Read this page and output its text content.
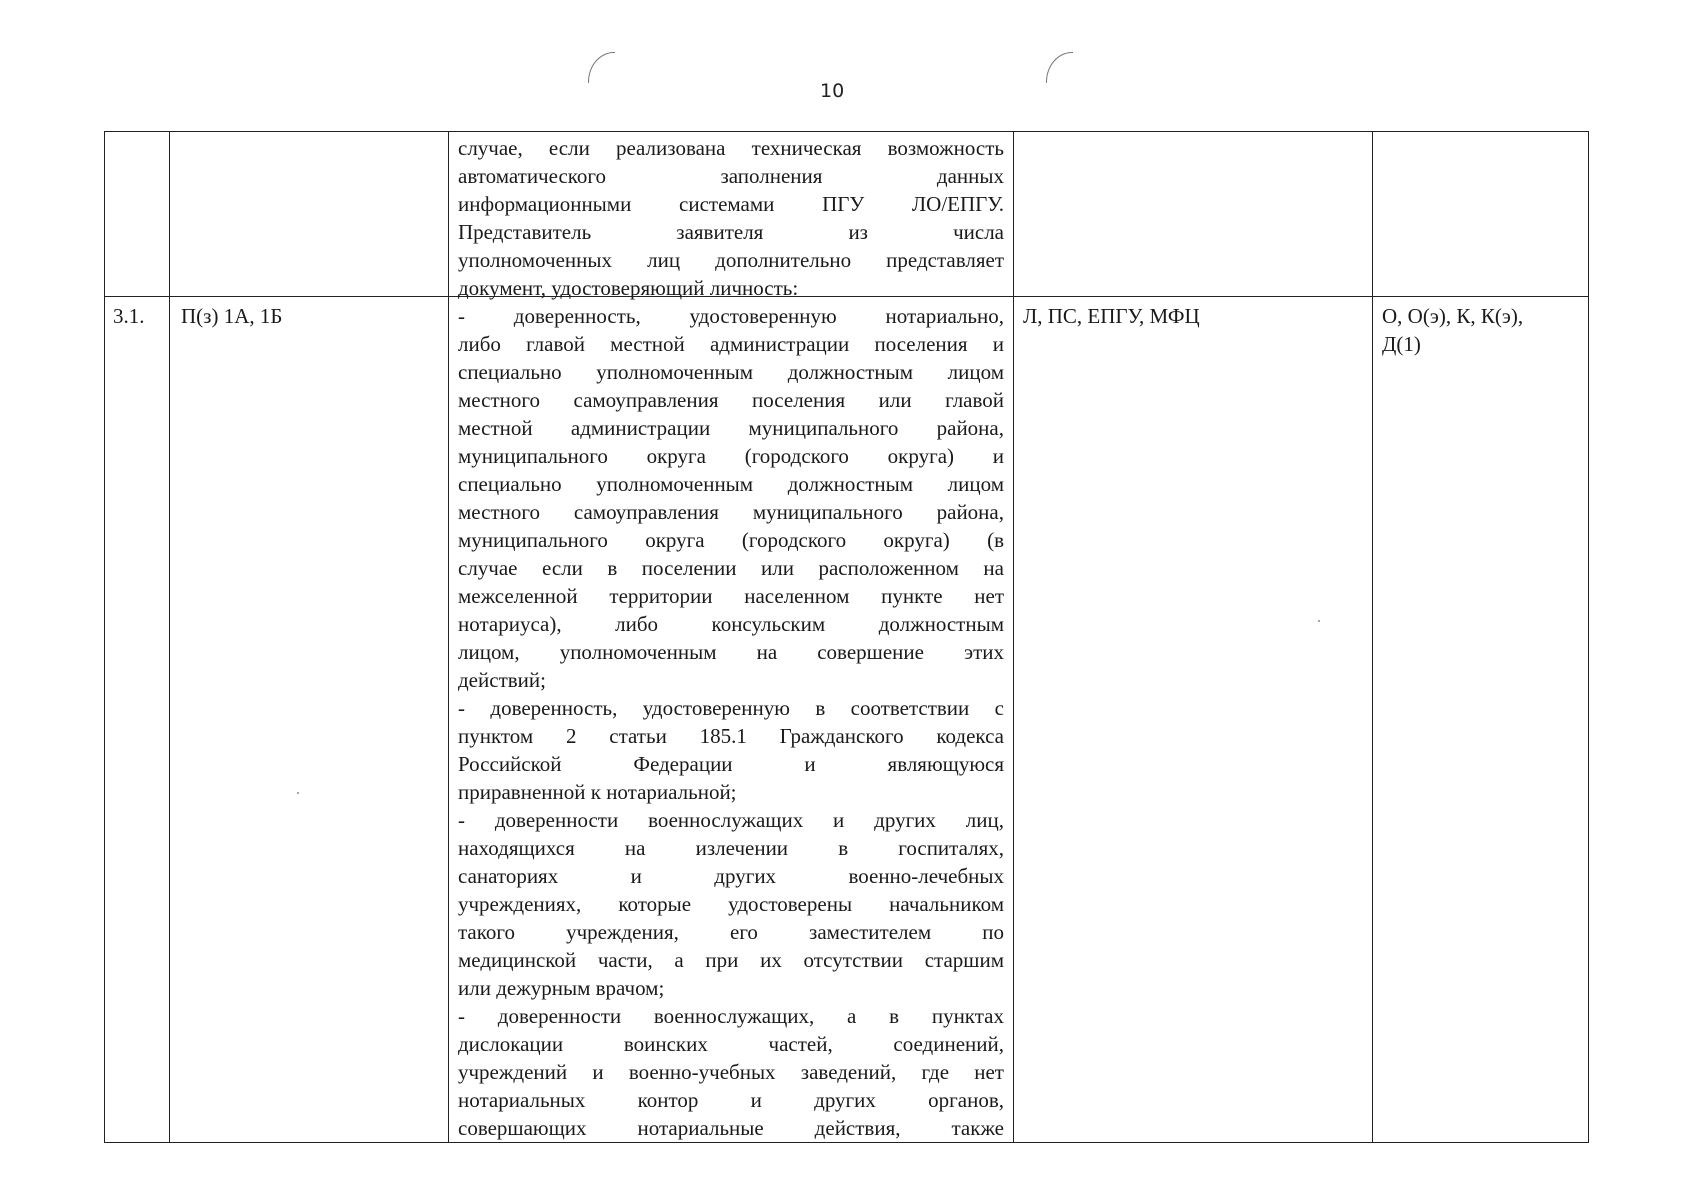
10
случае, если реализована техническая возможность
автоматического заполнения данных
информационными системами ПГУ ЛО/ЕПГУ.
Представитель заявителя из числа
уполномоченных лиц дополнительно представляет
документ, удостоверяющий личность:
3.1. П(з) 1А, 1Б	Л, ПС, ЕПГУ, МФЦ	О, О(э), К, К(э),
Д(1)
- доверенность, удостоверенную нотариально,
либо главой местной администрации поселения и
специально уполномоченным должностным лицом
местного самоуправления поселения или главой
местной администрации муниципального района,
муниципального округа (городского округа) и
специально уполномоченным должностным лицом
местного самоуправления муниципального района,
муниципального округа (городского округа) (в
случае если в поселении или расположенном на
межселенной территории населенном пункте нет
нотариуса), либо консульским должностным
лицом, уполномоченным на совершение этих
действий;
- доверенность, удостоверенную в соответствии с
пунктом 2 статьи 185.1 Гражданского кодекса
Российской Федерации и являющуюся
приравненной к нотариальной;
- доверенности военнослужащих и других лиц,
находящихся на излечении в госпиталях,
санаториях и других военно-лечебных
учреждениях, которые удостоверены начальником
такого учреждения, его заместителем по
медицинской части, а при их отсутствии старшим
или дежурным врачом;
- доверенности военнослужащих, а в пунктах
дислокации воинских частей, соединений,
учреждений и военно-учебных заведений, где нет
нотариальных контор и других органов,
совершающих нотариальные действия, также
